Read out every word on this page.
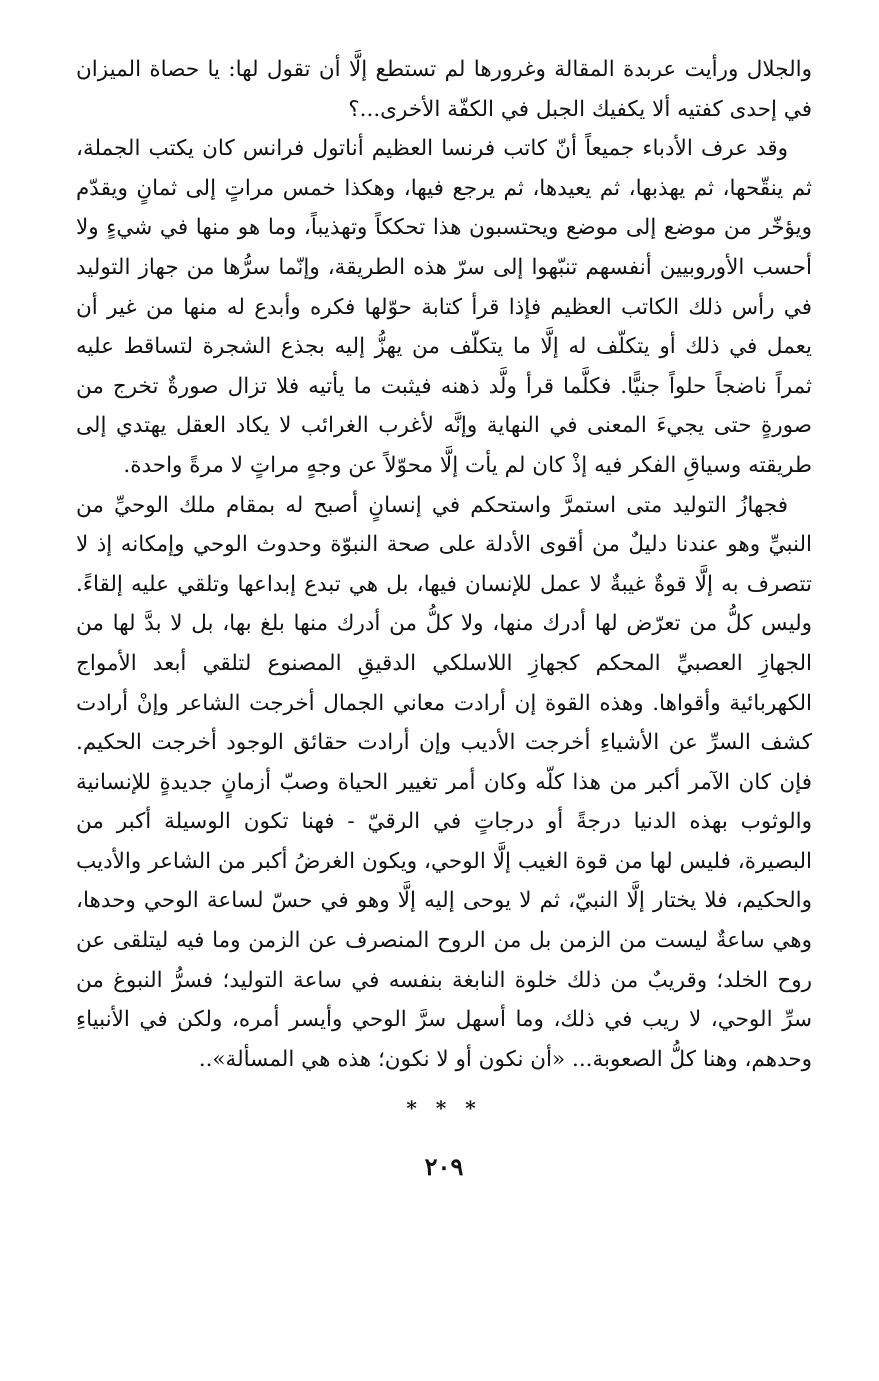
والجلال ورأيت عربدة المقالة وغرورها لم تستطع إلَّا أن تقول لها: يا حصاة الميزان في إحدى كفتيه ألا يكفيك الجبل في الكفّة الأخرى...؟

وقد عرف الأدباء جميعاً أنّ كاتب فرنسا العظيم أناتول فرانس كان يكتب الجملة، ثم ينقّحها، ثم يهذبها، ثم يعيدها، ثم يرجع فيها، وهكذا خمس مراتٍ إلى ثمانٍ ويقدّم ويؤخّر من موضع إلى موضع ويحتسبون هذا تحككاً وتهذيباً، وما هو منها في شيءٍ ولا أحسب الأوروبيين أنفسهم تنبّهوا إلى سرّ هذه الطريقة، وإنّما سرُّها من جهاز التوليد في رأس ذلك الكاتب العظيم فإذا قرأ كتابة حوّلها فكره وأبدع له منها من غير أن يعمل في ذلك أو يتكلّف له إلَّا ما يتكلّف من يهزُّ إليه بجذع الشجرة لتساقط عليه ثمراً ناضجاً حلواً جنيًّا. فكلَّما قرأ ولَّد ذهنه فيثبت ما يأتيه فلا تزال صورةٌ تخرج من صورةٍ حتى يجيءَ المعنى في النهاية وإنَّه لأغرب الغرائب لا يكاد العقل يهتدي إلى طريقته وسياقِ الفكر فيه إذْ كان لم يأت إلَّا محوّلاً عن وجهٍ مراتٍ لا مرةً واحدة.

فجهازُ التوليد متى استمرَّ واستحكم في إنسانٍ أصبح له بمقام ملك الوحيِّ من النبيِّ وهو عندنا دليلٌ من أقوى الأدلة على صحة النبوّة وحدوث الوحي وإمكانه إذ لا تتصرف به إلَّا قوةٌ غيبةٌ لا عمل للإنسان فيها، بل هي تبدع إبداعها وتلقي عليه إلقاءً. وليس كلُّ من تعرّض لها أدرك منها، ولا كلُّ من أدرك منها بلغ بها، بل لا بدَّ لها من الجهازِ العصبيِّ المحكم كجهازِ اللاسلكي الدقيقِ المصنوع لتلقي أبعد الأمواج الكهربائية وأقواها. وهذه القوة إن أرادت معاني الجمال أخرجت الشاعر وإنْ أرادت كشف السرِّ عن الأشياءِ أخرجت الأديب وإن أرادت حقائق الوجود أخرجت الحكيم. فإن كان الآمر أكبر من هذا كلّه وكان أمر تغيير الحياة وصبّ أزمانٍ جديدةٍ للإنسانية والوثوب بهذه الدنيا درجةً أو درجاتٍ في الرقيّ - فهنا تكون الوسيلة أكبر من البصيرة، فليس لها من قوة الغيب إلَّا الوحي، ويكون الغرضُ أكبر من الشاعر والأديب والحكيم، فلا يختار إلَّا النبيّ، ثم لا يوحى إليه إلَّا وهو في حسّ لساعة الوحي وحدها، وهي ساعةٌ ليست من الزمن بل من الروح المنصرف عن الزمن وما فيه ليتلقى عن روح الخلد؛ وقريبٌ من ذلك خلوة النابغة بنفسه في ساعة التوليد؛ فسرُّ النبوغ من سرِّ الوحي، لا ريب في ذلك، وما أسهل سرَّ الوحي وأيسر أمره، ولكن في الأنبياءِ وحدهم، وهنا كلُّ الصعوبة... «أن نكون أو لا نكون؛ هذه هي المسألة»..

* * *
٢٠٩
